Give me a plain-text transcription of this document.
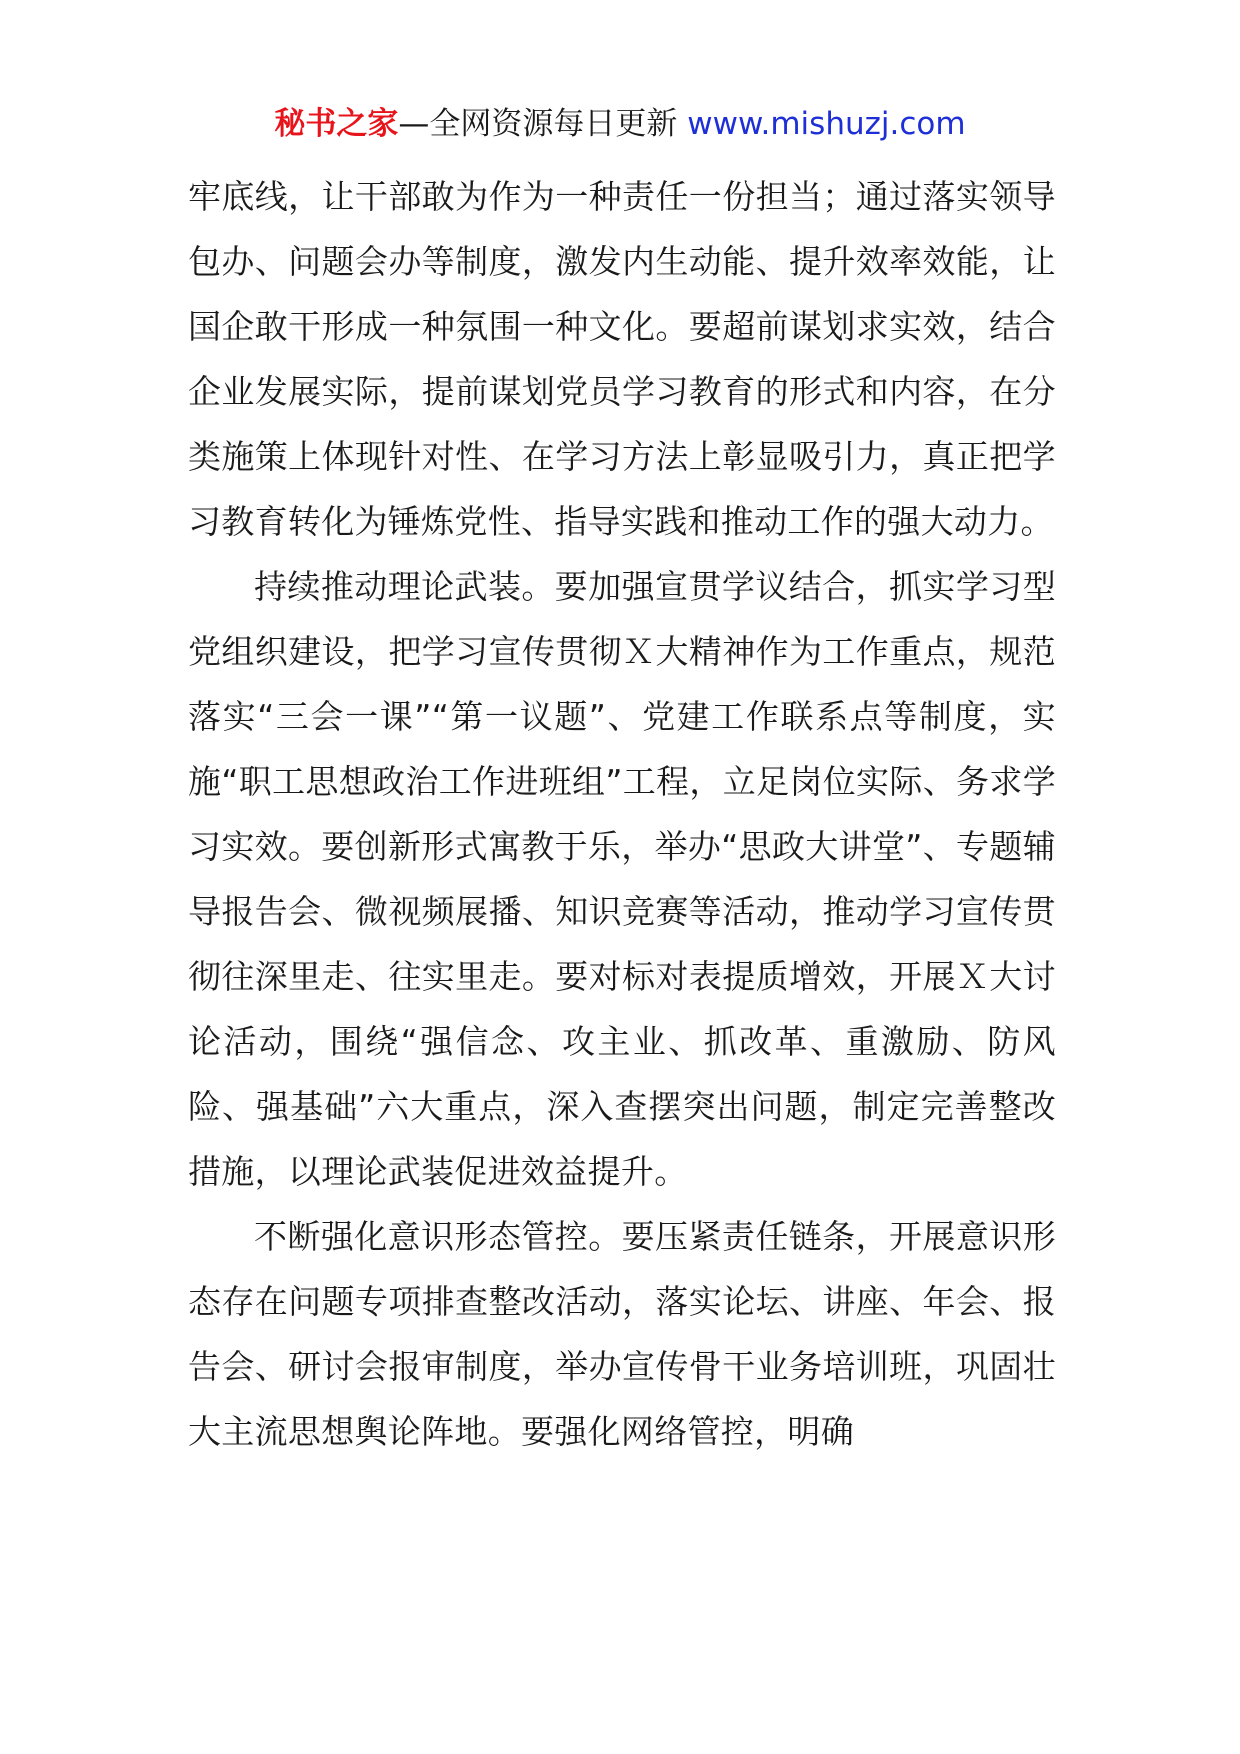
秘书之家—全网资源每日更新 www.mishuzj.com

牢底线，让干部敢为作为一种责任一份担当；通过落实领导包办、问题会办等制度，激发内生动能、提升效率效能，让国企敢干形成一种氛围一种文化。要超前谋划求实效，结合企业发展实际，提前谋划党员学习教育的形式和内容，在分类施策上体现针对性、在学习方法上彰显吸引力，真正把学习教育转化为锤炼党性、指导实践和推动工作的强大动力。

持续推动理论武装。要加强宣贯学议结合，抓实学习型党组织建设，把学习宣传贯彻Ｘ大精神作为工作重点，规范落实“三会一课”“第一议题”、党建工作联系点等制度，实施“职工思想政治工作进班组”工程，立足岗位实际、务求学习实效。要创新形式寓教于乐，举办“思政大讲堂”、专题辅导报告会、微视频展播、知识竞赛等活动，推动学习宣传贯彻往深里走、往实里走。要对标对表提质增效，开展Ｘ大讨论活动，围绕“强信念、攻主业、抓改革、重激励、防风险、强基础”六大重点，深入查摆突出问题，制定完善整改措施，以理论武装促进效益提升。

不断强化意识形态管控。要压紧责任链条，开展意识形态存在问题专项排查整改活动，落实论坛、讲座、年会、报告会、研讨会报审制度，举办宣传骨干业务培训班，巩固壮大主流思想舆论阵地。要强化网络管控，明确
